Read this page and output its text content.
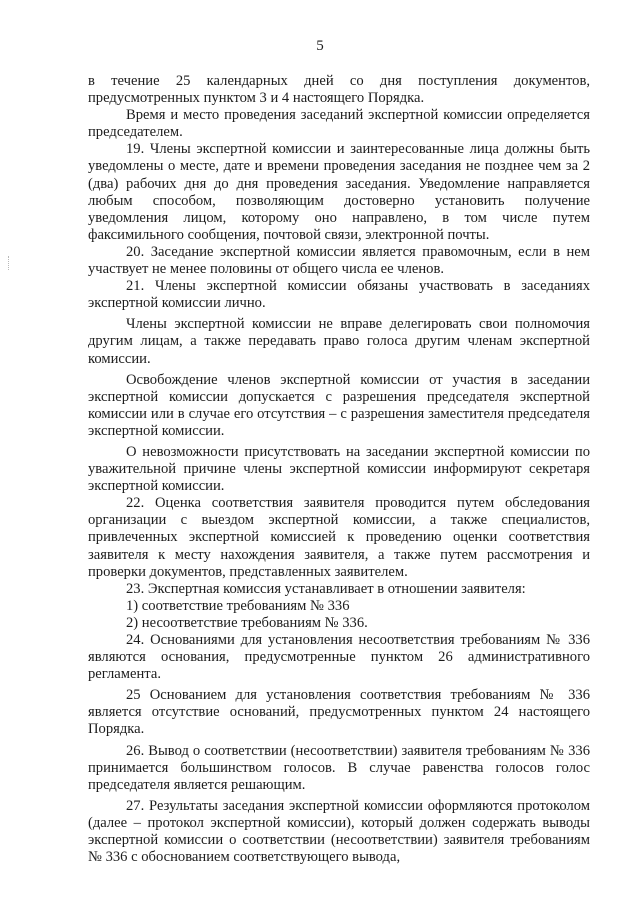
5

в течение 25 календарных дней со дня поступления документов, предусмотренных пунктом 3 и 4 настоящего Порядка.

Время и место проведения заседаний экспертной комиссии определяется председателем.

19. Члены экспертной комиссии и заинтересованные лица должны быть уведомлены о месте, дате и времени проведения заседания не позднее чем за 2 (два) рабочих дня до дня проведения заседания. Уведомление направляется любым способом, позволяющим достоверно установить получение уведомления лицом, которому оно направлено, в том числе путем факсимильного сообщения, почтовой связи, электронной почты.

20. Заседание экспертной комиссии является правомочным, если в нем участвует не менее половины от общего числа ее членов.

21. Члены экспертной комиссии обязаны участвовать в заседаниях экспертной комиссии лично.

Члены экспертной комиссии не вправе делегировать свои полномочия другим лицам, а также передавать право голоса другим членам экспертной комиссии.

Освобождение членов экспертной комиссии от участия в заседании экспертной комиссии допускается с разрешения председателя экспертной комиссии или в случае его отсутствия – с разрешения заместителя председателя экспертной комиссии.

О невозможности присутствовать на заседании экспертной комиссии по уважительной причине члены экспертной комиссии информируют секретаря экспертной комиссии.

22. Оценка соответствия заявителя проводится путем обследования организации с выездом экспертной комиссии, а также специалистов, привлеченных экспертной комиссией к проведению оценки соответствия заявителя к месту нахождения заявителя, а также путем рассмотрения и проверки документов, представленных заявителем.

23. Экспертная комиссия устанавливает в отношении заявителя:

1) соответствие требованиям № 336

2) несоответствие требованиям № 336.

24. Основаниями для установления несоответствия требованиям № 336 являются основания, предусмотренные пунктом 26 административного регламента.

25 Основанием для установления соответствия требованиям № 336 является отсутствие оснований, предусмотренных пунктом 24 настоящего Порядка.

26. Вывод о соответствии (несоответствии) заявителя требованиям № 336 принимается большинством голосов. В случае равенства голосов голос председателя является решающим.

27. Результаты заседания экспертной комиссии оформляются протоколом (далее – протокол экспертной комиссии), который должен содержать выводы экспертной комиссии о соответствии (несоответствии) заявителя требованиям № 336 с обоснованием соответствующего вывода,
